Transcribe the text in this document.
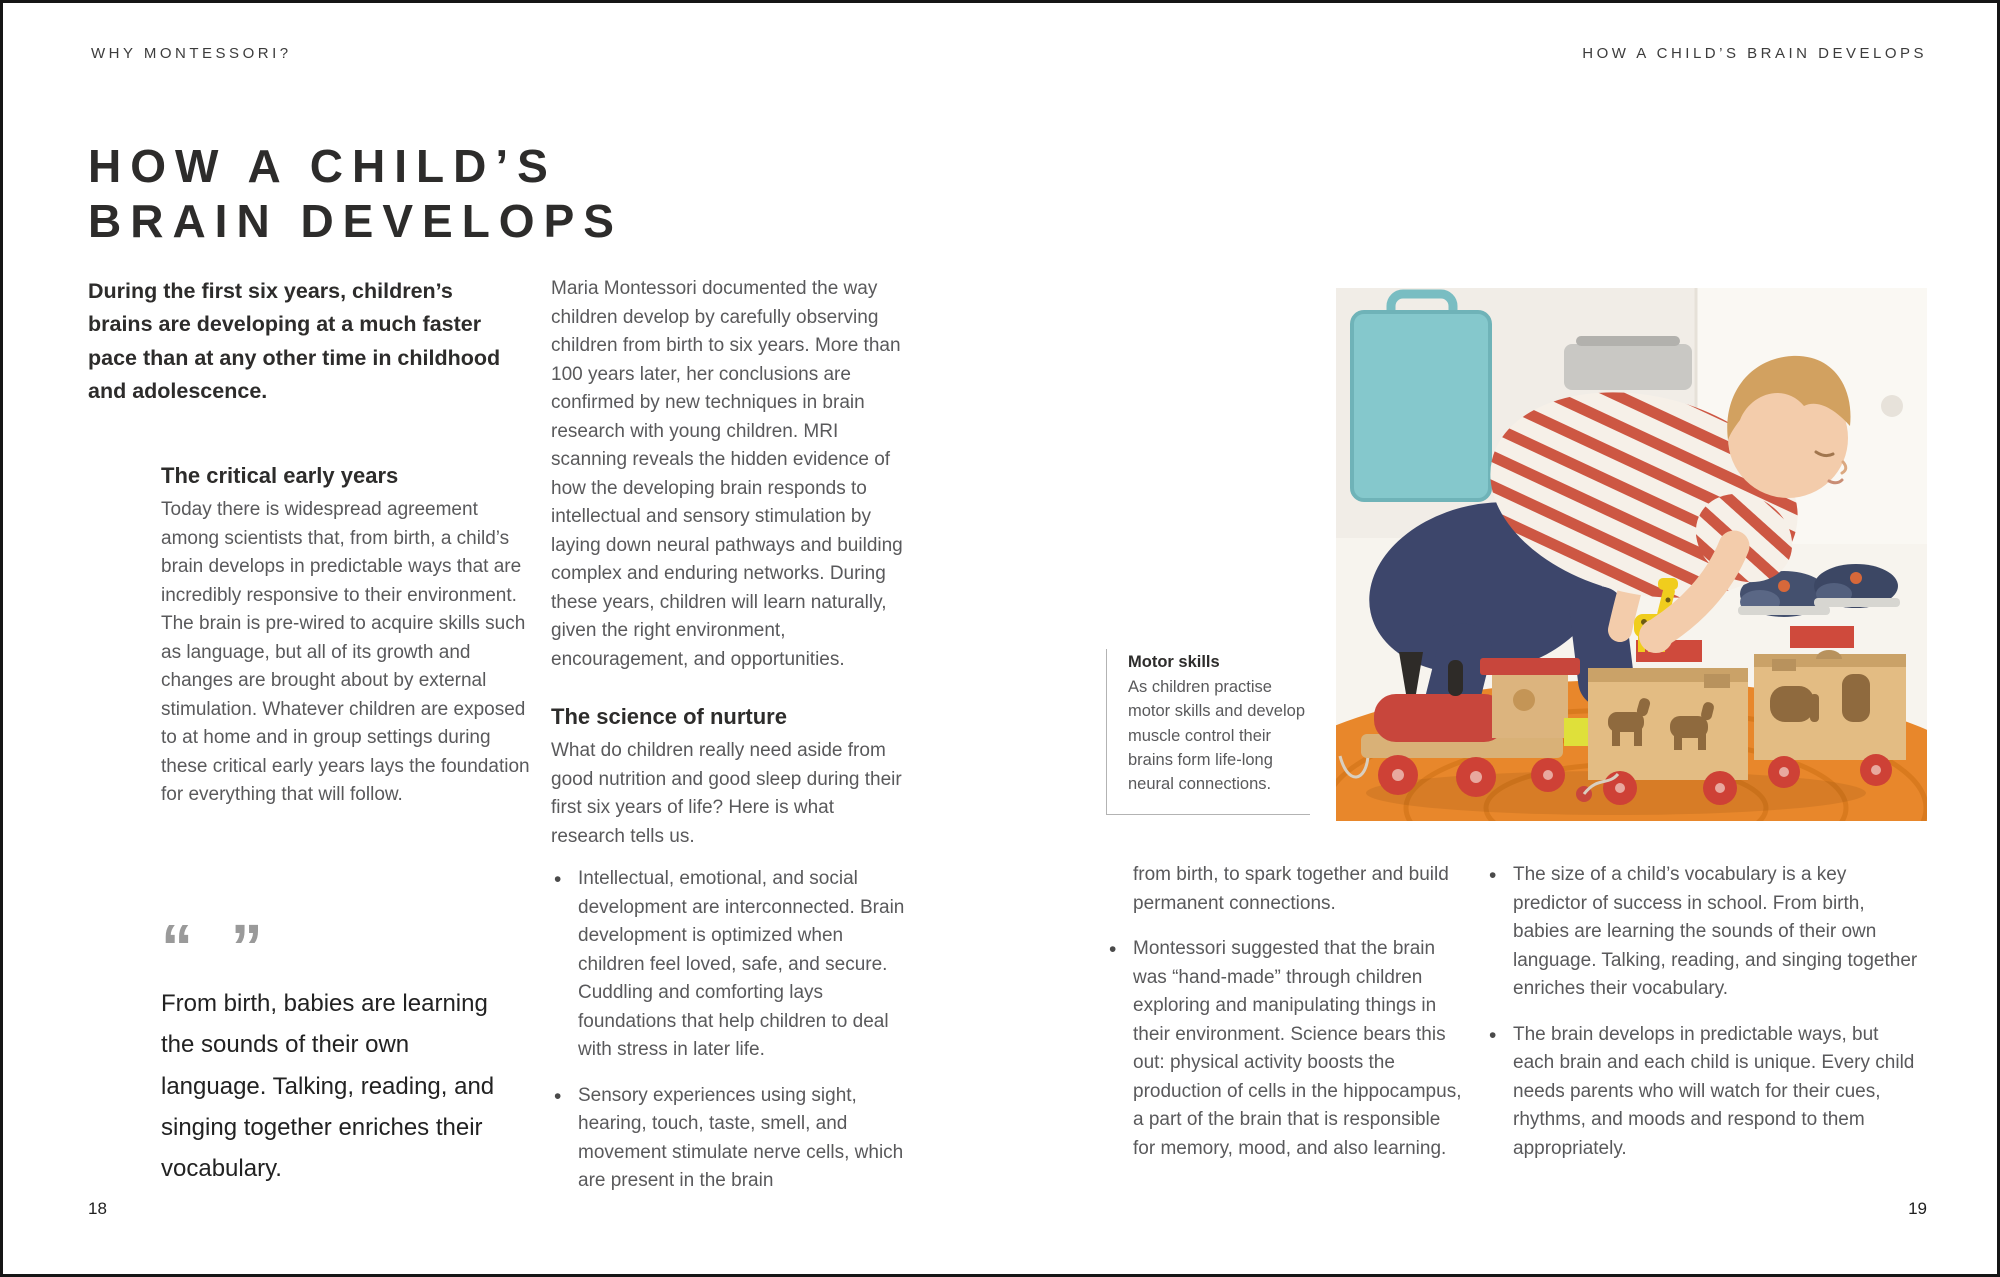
WHY MONTESSORI?	HOW A CHILD’S BRAIN DEVELOPS
HOW A CHILD’S
BRAIN DEVELOPS
During the first six years, children’s brains are developing at a much faster pace than at any other time in childhood and adolescence.
The critical early years

Today there is widespread agreement among scientists that, from birth, a child’s brain develops in predictable ways that are incredibly responsive to their environment. The brain is pre-wired to acquire skills such as language, but all of its growth and changes are brought about by external stimulation. Whatever children are exposed to at home and in group settings during these critical early years lays the foundation for everything that will follow.

“ ”
From birth, babies are learning the sounds of their own language. Talking, reading, and singing together enriches their vocabulary.

Maria Montessori documented the way children develop by carefully observing children from birth to six years. More than 100 years later, her conclusions are confirmed by new techniques in brain research with young children. MRI scanning reveals the hidden evidence of how the developing brain responds to intellectual and sensory stimulation by laying down neural pathways and building complex and enduring networks. During these years, children will learn naturally, given the right environment, encouragement, and opportunities.

The science of nurture

What do children really need aside from good nutrition and good sleep during their first six years of life? Here is what research tells us.

• Intellectual, emotional, and social development are interconnected. Brain development is optimized when children feel loved, safe, and secure. Cuddling and comforting lays foundations that help children to deal with stress in later life.
• Sensory experiences using sight, hearing, touch, taste, smell, and movement stimulate nerve cells, which are present in the brain

Motor skills

As children practise motor skills and develop muscle control their brains form life-long neural connections.

from birth, to spark together and build permanent connections.

• Montessori suggested that the brain was “hand-made” through children exploring and manipulating things in their environment. Science bears this out: physical activity boosts the production of cells in the hippocampus, a part of the brain that is responsible for memory, mood, and also learning.
• The size of a child’s vocabulary is a key predictor of success in school. From birth, babies are learning the sounds of their own language. Talking, reading, and singing together enriches their vocabulary.
• The brain develops in predictable ways, but each brain and each child is unique. Every child needs parents who will watch for their cues, rhythms, and moods and respond to them appropriately.
18	19
